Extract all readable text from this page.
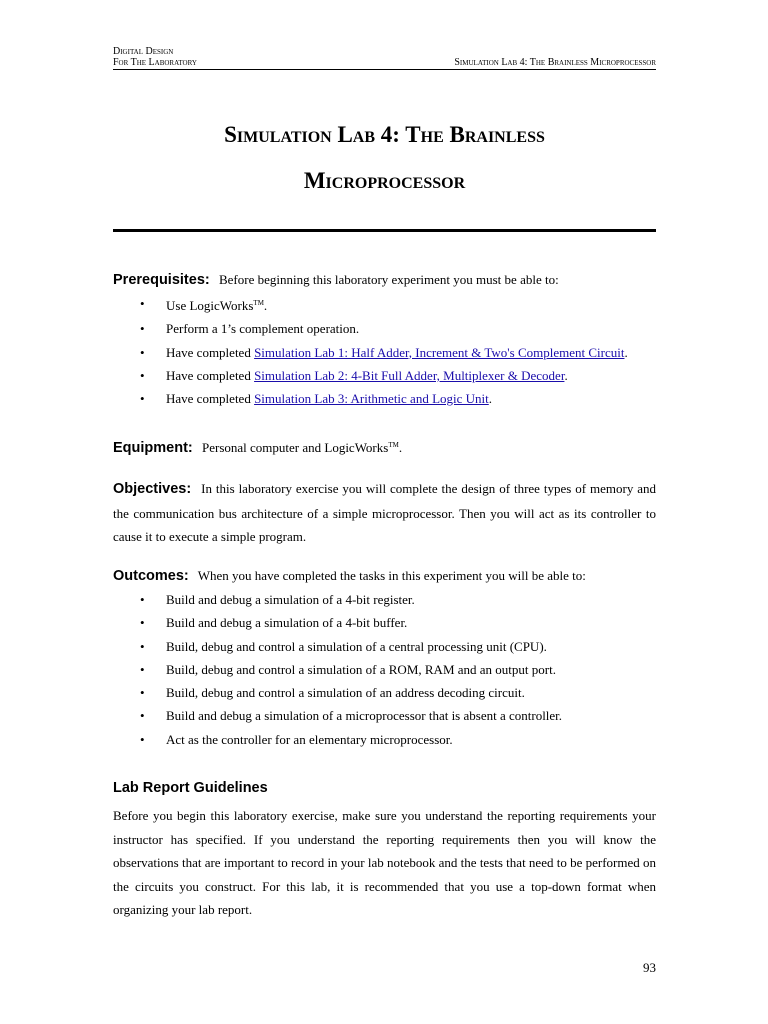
Digital Design
For The Laboratory	Simulation Lab 4: The Brainless Microprocessor
Simulation Lab 4: The Brainless
Microprocessor
Prerequisites: Before beginning this laboratory experiment you must be able to:
• Use LogicWorks™.
• Perform a 1’s complement operation.
• Have completed Simulation Lab 1: Half Adder, Increment & Two's Complement Circuit.
• Have completed Simulation Lab 2: 4-Bit Full Adder, Multiplexer & Decoder.
• Have completed Simulation Lab 3: Arithmetic and Logic Unit.
Equipment: Personal computer and LogicWorks™.
Objectives: In this laboratory exercise you will complete the design of three types of memory and the communication bus architecture of a simple microprocessor. Then you will act as its controller to cause it to execute a simple program.
Outcomes: When you have completed the tasks in this experiment you will be able to:
• Build and debug a simulation of a 4-bit register.
• Build and debug a simulation of a 4-bit buffer.
• Build, debug and control a simulation of a central processing unit (CPU).
• Build, debug and control a simulation of a ROM, RAM and an output port.
• Build, debug and control a simulation of an address decoding circuit.
• Build and debug a simulation of a microprocessor that is absent a controller.
• Act as the controller for an elementary microprocessor.
Lab Report Guidelines
Before you begin this laboratory exercise, make sure you understand the reporting requirements your instructor has specified. If you understand the reporting requirements then you will know the observations that are important to record in your lab notebook and the tests that need to be performed on the circuits you construct. For this lab, it is recommended that you use a top-down format when organizing your lab report.
93
